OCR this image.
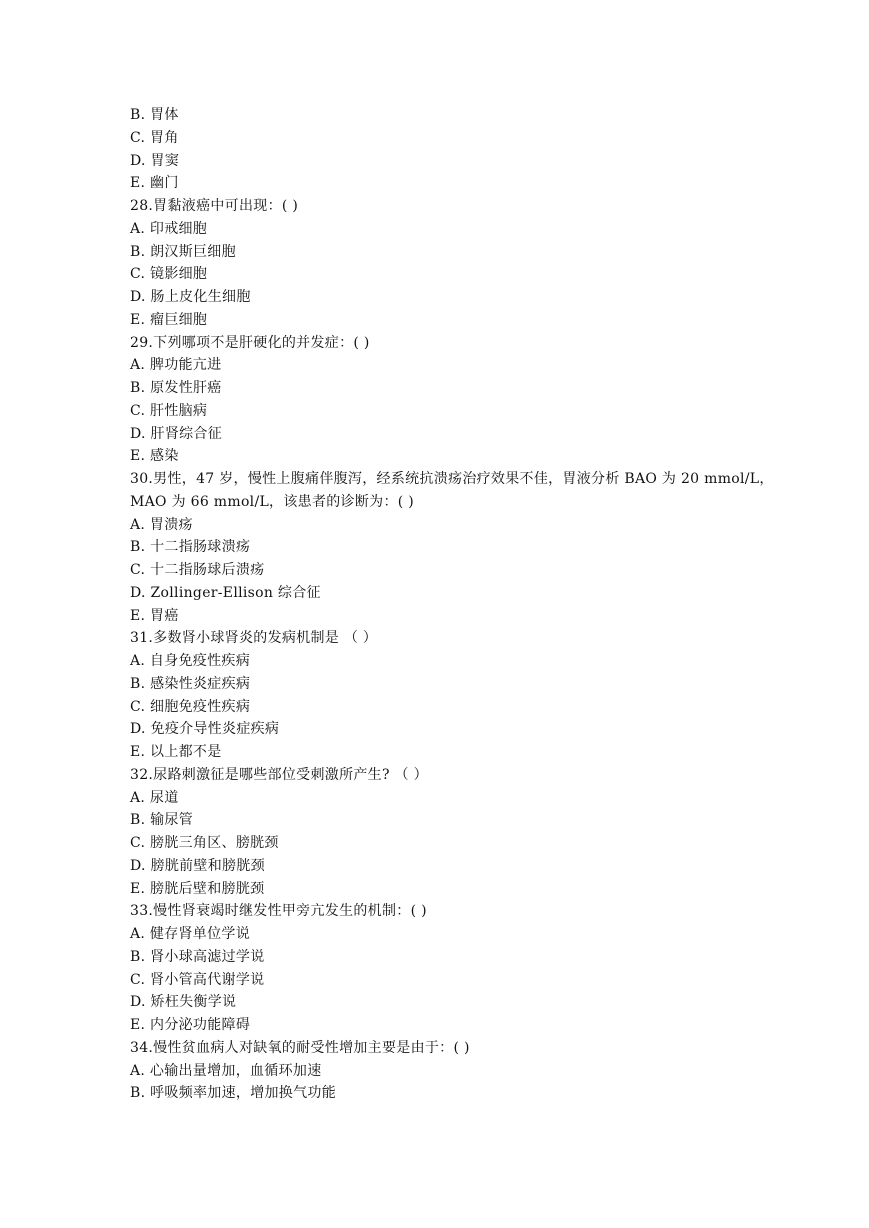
B. 胃体
C. 胃角
D. 胃窦
E. 幽门
28.胃黏液癌中可出现：( )
A. 印戒细胞
B. 朗汉斯巨细胞
C. 镜影细胞
D. 肠上皮化生细胞
E. 瘤巨细胞
29.下列哪项不是肝硬化的并发症：( )
A. 脾功能亢进
B. 原发性肝癌
C. 肝性脑病
D. 肝肾综合征
E. 感染
30.男性，47 岁，慢性上腹痛伴腹泻，经系统抗溃疡治疗效果不佳，胃液分析 BAO 为 20 mmol/L，
MAO 为 66 mmol/L，该患者的诊断为：( )
A. 胃溃疡
B. 十二指肠球溃疡
C. 十二指肠球后溃疡
D. Zollinger-Ellison 综合征
E. 胃癌
31.多数肾小球肾炎的发病机制是 （ ）
A. 自身免疫性疾病
B. 感染性炎症疾病
C. 细胞免疫性疾病
D. 免疫介导性炎症疾病
E. 以上都不是
32.尿路刺激征是哪些部位受刺激所产生? （ ）
A. 尿道
B. 输尿管
C. 膀胱三角区、膀胱颈
D. 膀胱前壁和膀胱颈
E. 膀胱后壁和膀胱颈
33.慢性肾衰竭时继发性甲旁亢发生的机制：( )
A. 健存肾单位学说
B. 肾小球高滤过学说
C. 肾小管高代谢学说
D. 矫枉失衡学说
E. 内分泌功能障碍
34.慢性贫血病人对缺氧的耐受性增加主要是由于：( )
A. 心输出量增加，血循环加速
B. 呼吸频率加速，增加换气功能
